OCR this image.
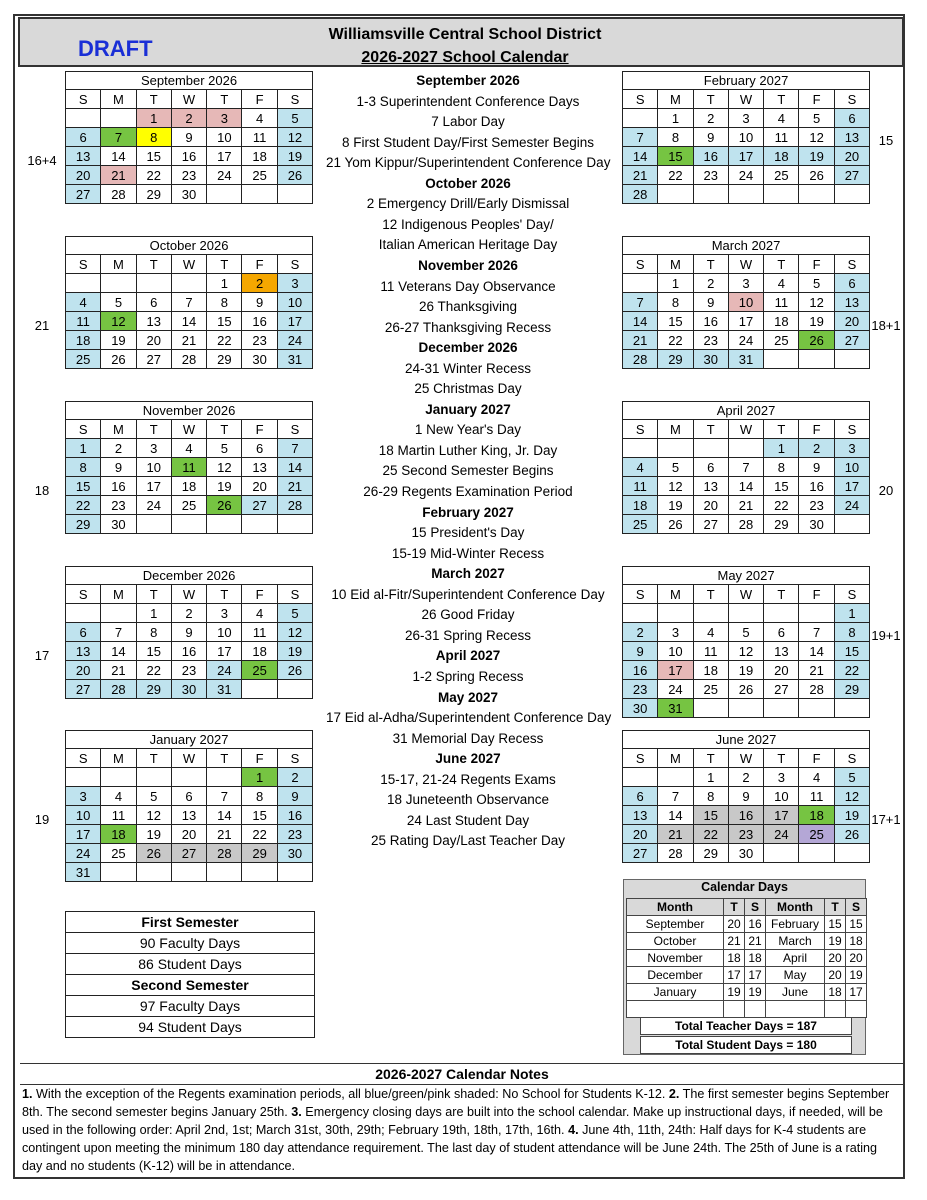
DRAFT
Williamsville Central School District
2026-2027 School Calendar
September 2026						
S	M	T	W	T	F	S
		1	2	3	4	5
6	7	8	9	10	11	12
13	14	15	16	17	18	19
20	21	22	23	24	25	26
27	28	29	30			
16+4
October 2026						
S	M	T	W	T	F	S
				1	2	3
4	5	6	7	8	9	10
11	12	13	14	15	16	17
18	19	20	21	22	23	24
25	26	27	28	29	30	31
21
November 2026						
S	M	T	W	T	F	S
1	2	3	4	5	6	7
8	9	10	11	12	13	14
15	16	17	18	19	20	21
22	23	24	25	26	27	28
29	30					
18
December 2026						
S	M	T	W	T	F	S
		1	2	3	4	5
6	7	8	9	10	11	12
13	14	15	16	17	18	19
20	21	22	23	24	25	26
27	28	29	30	31		
17
January 2027						
S	M	T	W	T	F	S
					1	2
3	4	5	6	7	8	9
10	11	12	13	14	15	16
17	18	19	20	21	22	23
24	25	26	27	28	29	30
31						
19
February 2027						
S	M	T	W	T	F	S
	1	2	3	4	5	6
7	8	9	10	11	12	13
14	15	16	17	18	19	20
21	22	23	24	25	26	27
28						
15
March 2027						
S	M	T	W	T	F	S
	1	2	3	4	5	6
7	8	9	10	11	12	13
14	15	16	17	18	19	20
21	22	23	24	25	26	27
28	29	30	31			
18+1
April 2027						
S	M	T	W	T	F	S
				1	2	3
4	5	6	7	8	9	10
11	12	13	14	15	16	17
18	19	20	21	22	23	24
25	26	27	28	29	30	
20
May 2027						
S	M	T	W	T	F	S
						1
2	3	4	5	6	7	8
9	10	11	12	13	14	15
16	17	18	19	20	21	22
23	24	25	26	27	28	29
30	31					
19+1
June 2027						
S	M	T	W	T	F	S
		1	2	3	4	5
6	7	8	9	10	11	12
13	14	15	16	17	18	19
20	21	22	23	24	25	26
27	28	29	30			
17+1
September 2026
1-3 Superintendent Conference Days
7 Labor Day
8 First Student Day/First Semester Begins
21 Yom Kippur/Superintendent Conference Day
October 2026
2 Emergency Drill/Early Dismissal
12 Indigenous Peoples' Day/
Italian American Heritage Day
November 2026
11 Veterans Day Observance
26 Thanksgiving
26-27 Thanksgiving Recess
December 2026
24-31 Winter Recess
25 Christmas Day
January 2027
1 New Year's Day
18 Martin Luther King, Jr. Day
25 Second Semester Begins
26-29 Regents Examination Period
February 2027
15 President's Day
15-19 Mid-Winter Recess
March 2027
10 Eid al-Fitr/Superintendent Conference Day
26 Good Friday
26-31 Spring Recess
April 2027
1-2 Spring Recess
May 2027
17 Eid al-Adha/Superintendent Conference Day
31 Memorial Day Recess
June 2027
15-17, 21-24 Regents Exams
18 Juneteenth Observance
24 Last Student Day
25 Rating Day/Last Teacher Day
First Semester
90 Faculty Days
86 Student Days
Second Semester
97 Faculty Days
94 Student Days
Calendar Days
Month	T	S	Month	T	S
September	20	16	February	15	15
October	21	21	March	19	18
November	18	18	April	20	20
December	17	17	May	20	19
January	19	19	June	18	17

Total Teacher Days = 187
Total Student Days = 180
2026-2027 Calendar Notes
1. With the exception of the Regents examination periods, all blue/green/pink shaded: No School for Students K-12. 2. The first semester begins September 8th. The second semester begins January 25th. 3. Emergency closing days are built into the school calendar. Make up instructional days, if needed, will be used in the following order: April 2nd, 1st; March 31st, 30th, 29th; February 19th, 18th, 17th, 16th. 4. June 4th, 11th, 24th: Half days for K-4 students are contingent upon meeting the minimum 180 day attendance requirement. The last day of student attendance will be June 24th. The 25th of June is a rating day and no students (K-12) will be in attendance.
